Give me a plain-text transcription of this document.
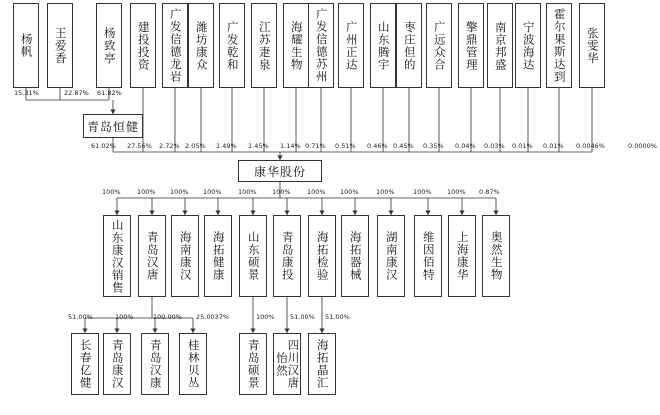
杨帆 王爱香	杨致亭 建投投资 广发信德龙岩 潍坊康众 广发乾和 江苏疌泉 海耀生物 广发信德苏州 广州正达 山东腾宇 枣庄但的 广远众合 擎鼎管理 南京邦盛 宁波海达 霍尔果斯达到 张雯华
青岛恒健
15.31%	22.87% 61.82%
康华股份
61.02% 27.56% 2.72% 2.05% 1.49% 1.45% 1.14% 0.71% 0.51% 0.46% 0.45% 0.35% 0.04% 0.03% 0.01% 0.01% 0.0046%	0.0000%
山东康汉销售
100%
青岛汉唐
100%
海南康汉
100%
海拓健康
100%
山东硕景
100%
青岛康投
100%
海拓检验
100%
海拓器械
100%
湖南康汉
100%
维因佰特
100%
上海康华
100%
奥然生物
0.87%
长春亿健 青岛康汉 青岛汉康 桂林贝丛
51.00%	100%	100.00% 25.0037%
青岛硕景
100%
四川汉唐怡然
51.00%
海拓晶汇
51.00%
